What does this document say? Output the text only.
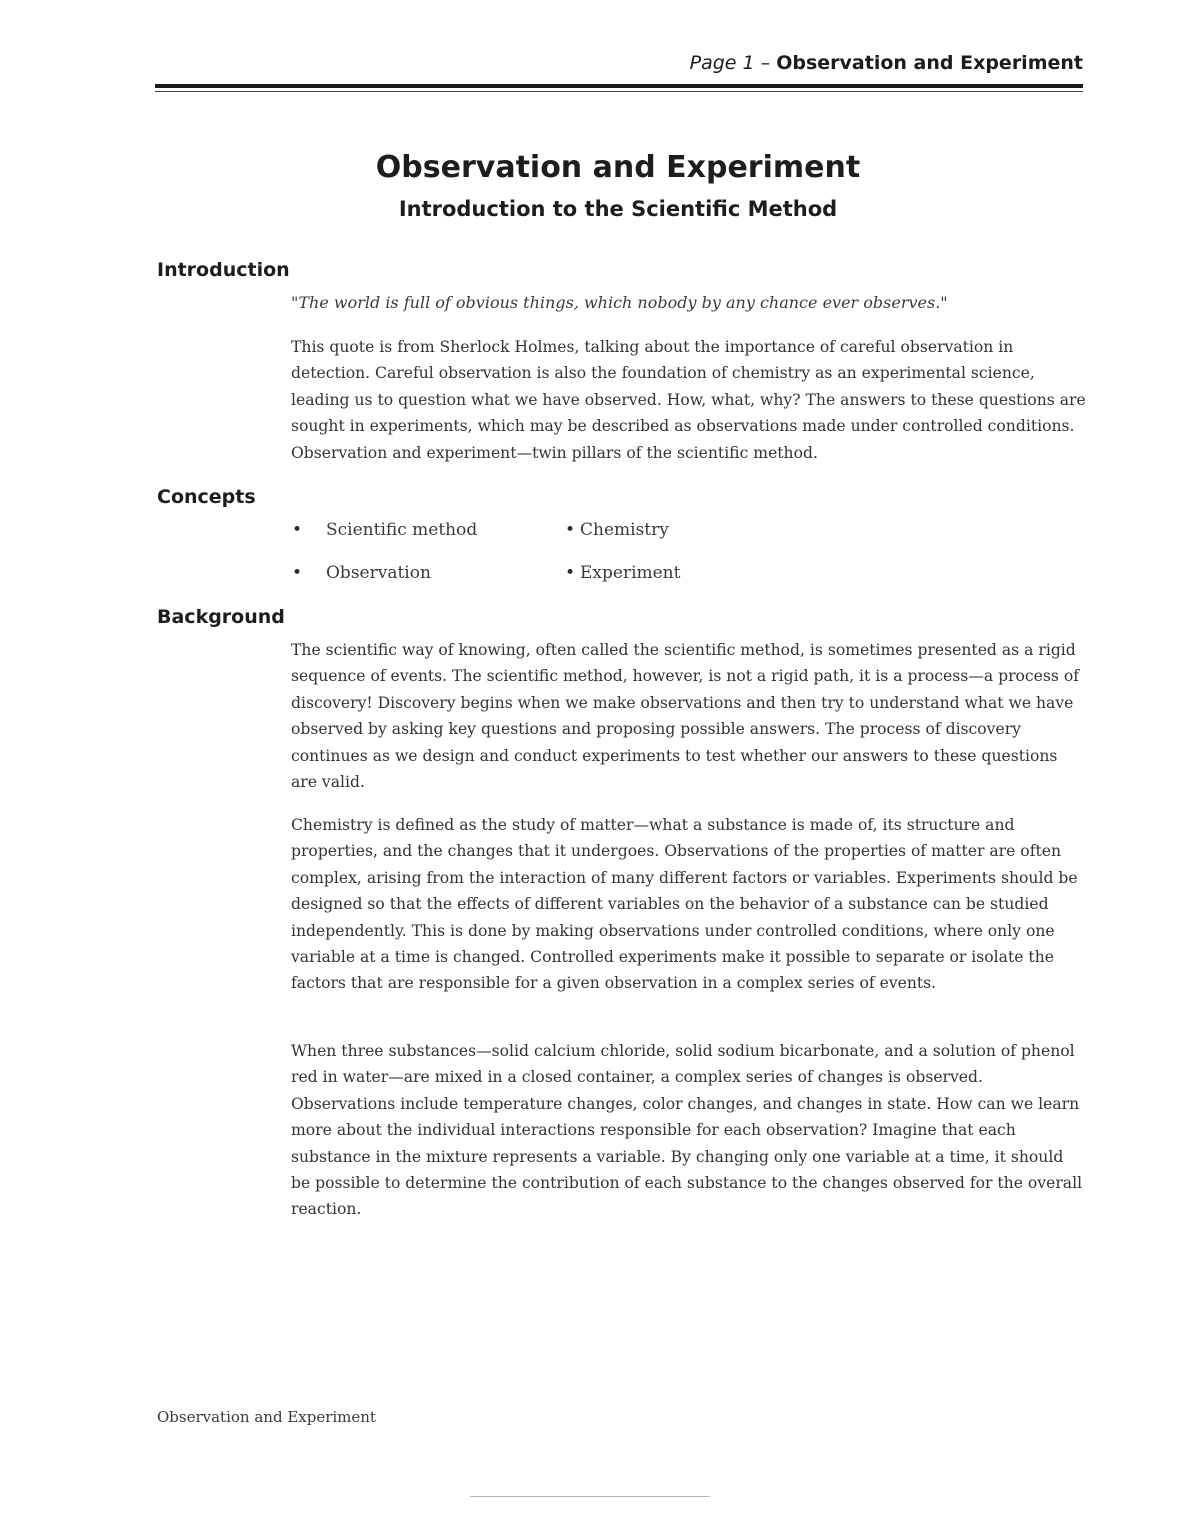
Page 1 – Observation and Experiment
Observation and Experiment
Introduction to the Scientific Method
Introduction

"The world is full of obvious things, which nobody by any chance ever observes."

This quote is from Sherlock Holmes, talking about the importance of careful observation in detection. Careful observation is also the foundation of chemistry as an experimental science, leading us to question what we have observed. How, what, why? The answers to these questions are sought in experiments, which may be described as observations made under controlled conditions. Observation and experiment—twin pillars of the scientific method.

Concepts
• Scientific method	• Chemistry
• Observation	• Experiment
Background

The scientific way of knowing, often called the scientific method, is sometimes presented as a rigid sequence of events. The scientific method, however, is not a rigid path, it is a process—a process of discovery! Discovery begins when we make observations and then try to understand what we have observed by asking key questions and proposing possible answers. The process of discovery continues as we design and conduct experiments to test whether our answers to these questions are valid.

Chemistry is defined as the study of matter—what a substance is made of, its structure and properties, and the changes that it undergoes. Observations of the properties of matter are often complex, arising from the interaction of many different factors or variables. Experiments should be designed so that the effects of different variables on the behavior of a substance can be studied independently. This is done by making observations under controlled conditions, where only one variable at a time is changed. Controlled experiments make it possible to separate or isolate the factors that are responsible for a given observation in a complex series of events.

When three substances—solid calcium chloride, solid sodium bicarbonate, and a solution of phenol red in water—are mixed in a closed container, a complex series of changes is observed. Observations include temperature changes, color changes, and changes in state. How can we learn more about the individual interactions responsible for each observation? Imagine that each substance in the mixture represents a variable. By changing only one variable at a time, it should be possible to determine the contribution of each substance to the changes observed for the overall reaction.

Observation and Experiment
